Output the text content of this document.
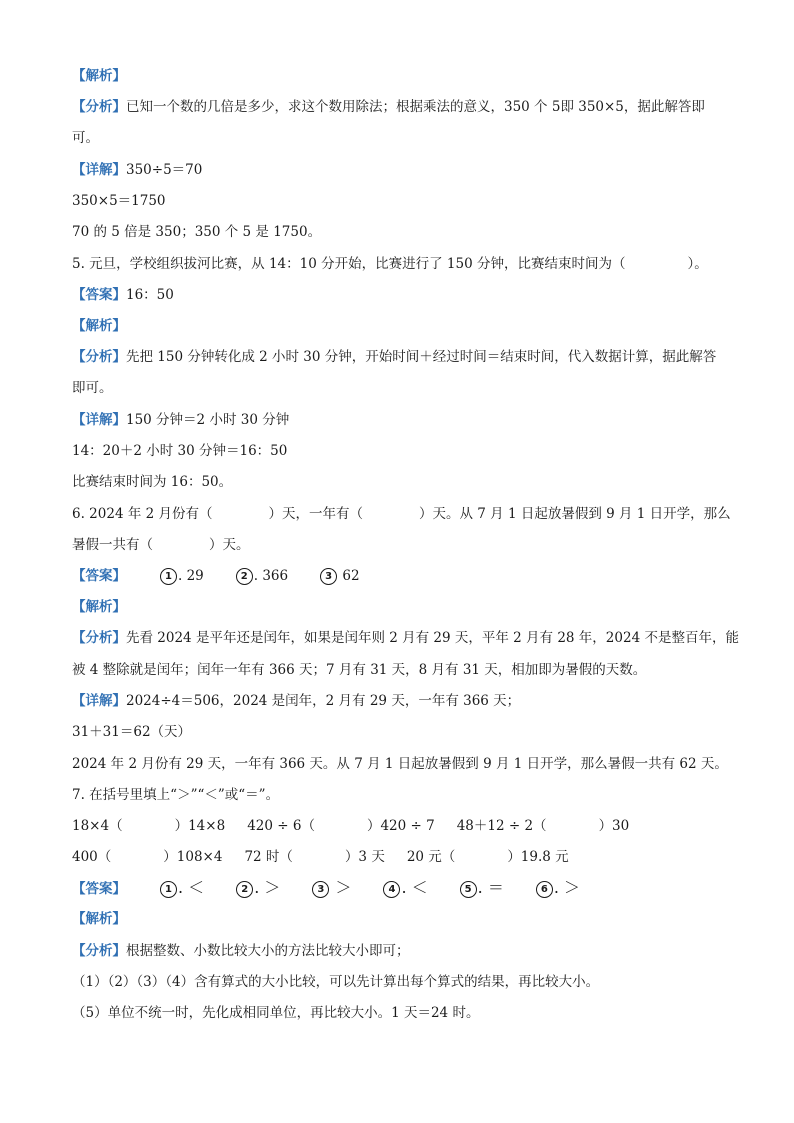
【解析】
【分析】已知一个数的几倍是多少，求这个数用除法；根据乘法的意义，350 个 5即 350×5，据此解答即
可。
【详解】350÷5＝70
350×5＝1750
70 的 5 倍是 350；350 个 5 是 1750。
5. 元旦，学校组织拔河比赛，从 14：10 分开始，比赛进行了 150 分钟，比赛结束时间为（	）。
【答案】16：50
【解析】
【分析】先把 150 分钟转化成 2 小时 30 分钟，开始时间＋经过时间＝结束时间，代入数据计算，据此解答
即可。
【详解】150 分钟＝2 小时 30 分钟
14：20＋2 小时 30 分钟＝16：50
比赛结束时间为 16：50。
6. 2024 年 2 月份有（	）天，一年有（	）天。从 7 月 1 日起放暑假到 9 月 1 日开学，那么
暑假一共有（	）天。
【答案】	1 . 29	2 . 366	3 62
【解析】
【分析】先看 2024 是平年还是闰年，如果是闰年则 2 月有 29 天，平年 2 月有 28 年，2024 不是整百年，能
被 4 整除就是闰年；闰年一年有 366 天；7 月有 31 天，8 月有 31 天，相加即为暑假的天数。
【详解】2024÷4＝506，2024 是闰年，2 月有 29 天，一年有 366 天；
31＋31＝62（天）
2024 年 2 月份有 29 天，一年有 366 天。从 7 月 1 日起放暑假到 9 月 1 日开学，那么暑假一共有 62 天。
7. 在括号里填上“＞”“＜”或“＝”。
18×4（	）14×8 420 ÷ 6（	）420 ÷ 7 48＋12 ÷ 2（	）30
400（	）108×4 72 时（	）3 天 20 元（	）19.8 元
【答案】	1 . ＜	2 . ＞	3 ＞	4 . ＜	5 . ＝	6 . ＞
【解析】
【分析】根据整数、小数比较大小的方法比较大小即可；
（1）（2）（3）（4）含有算式的大小比较，可以先计算出每个算式的结果，再比较大小。
（5）单位不统一时，先化成相同单位，再比较大小。1 天＝24 时。
